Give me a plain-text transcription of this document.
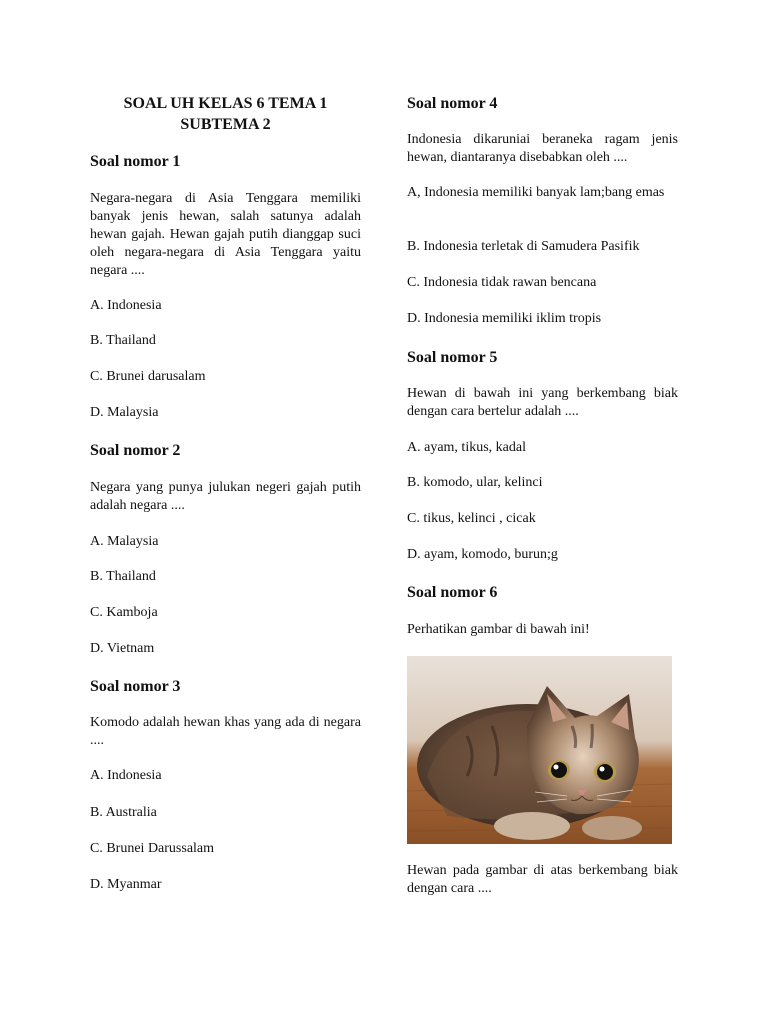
SOAL UH KELAS 6 TEMA 1 SUBTEMA 2
Soal nomor 1
Negara-negara di Asia Tenggara memiliki banyak jenis hewan, salah satunya adalah hewan gajah. Hewan gajah putih dianggap suci oleh negara-negara di Asia Tenggara yaitu negara ....
A. Indonesia
B. Thailand
C. Brunei darusalam
D. Malaysia
Soal nomor 2
Negara yang punya julukan negeri gajah putih adalah negara ....
A. Malaysia
B. Thailand
C. Kamboja
D. Vietnam
Soal nomor 3
Komodo adalah hewan khas yang ada di negara ....
A. Indonesia
B. Australia
C. Brunei Darussalam
D. Myanmar
Soal nomor 4
Indonesia dikaruniai beraneka ragam jenis hewan, diantaranya disebabkan oleh ....
A, Indonesia memiliki banyak lam;bang emas
B. Indonesia terletak di Samudera Pasifik
C. Indonesia tidak rawan bencana
D. Indonesia memiliki iklim tropis
Soal nomor 5
Hewan di bawah ini yang berkembang biak dengan cara bertelur adalah ....
A. ayam, tikus, kadal
B. komodo, ular, kelinci
C. tikus, kelinci , cicak
D. ayam, komodo, burun;g
Soal nomor 6
Perhatikan gambar di bawah ini!
Hewan pada gambar di atas berkembang biak dengan cara ....
